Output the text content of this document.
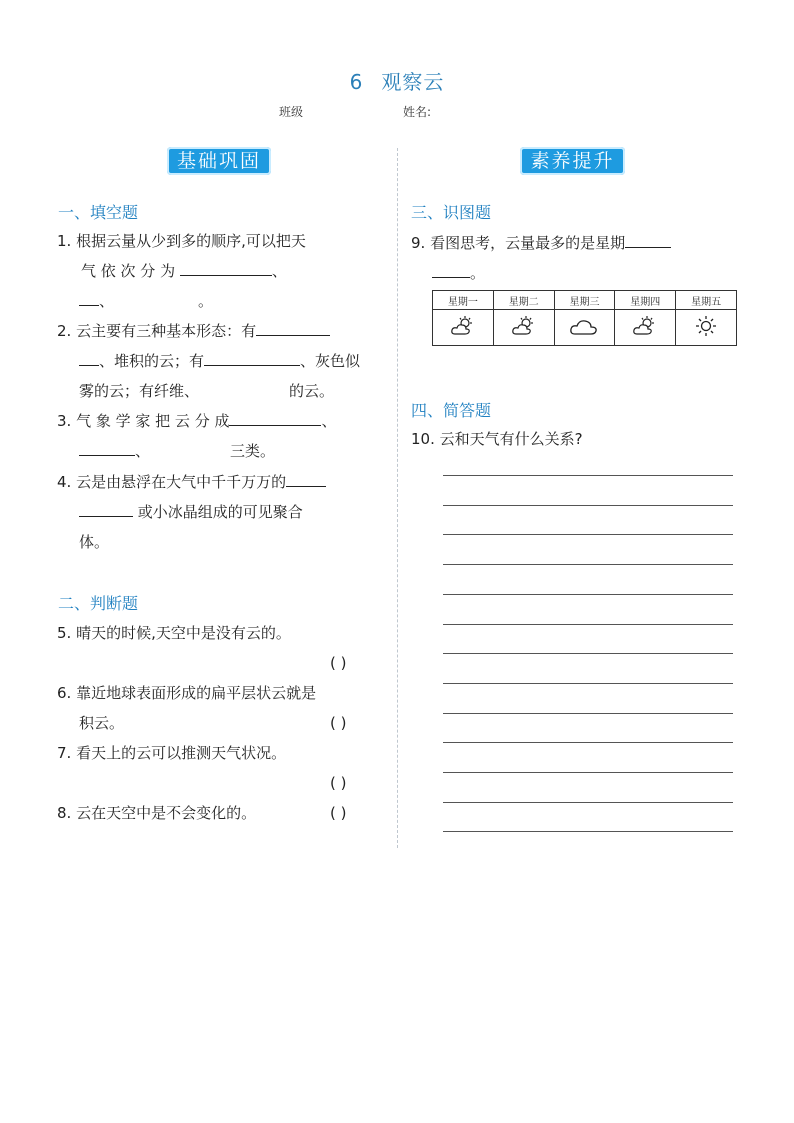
6 观察云
班级	姓名:
基础巩固	素养提升
一、填空题
1. 根据云量从少到多的顺序,可以把天
气 依 次 分 为	、
、	。
2. 云主要有三种基本形态：有
、堆积的云；有	、灰色似
雾的云；有纤维、	的云。
3. 气 象 学 家 把 云 分 成	、
、	三类。
4. 云是由悬浮在大气中千千万万的
或小冰晶组成的可见聚合
体。
二、判断题
5. 晴天的时候,天空中是没有云的。
( )
6. 靠近地球表面形成的扁平层状云就是
积云。	( )
7. 看天上的云可以推测天气状况。
( )
8. 云在天空中是不会变化的。	( )
三、识图题
9. 看图思考，云量最多的是星期
。
星期一	星期二	星期三	星期四	星期五

四、简答题
10. 云和天气有什么关系?
